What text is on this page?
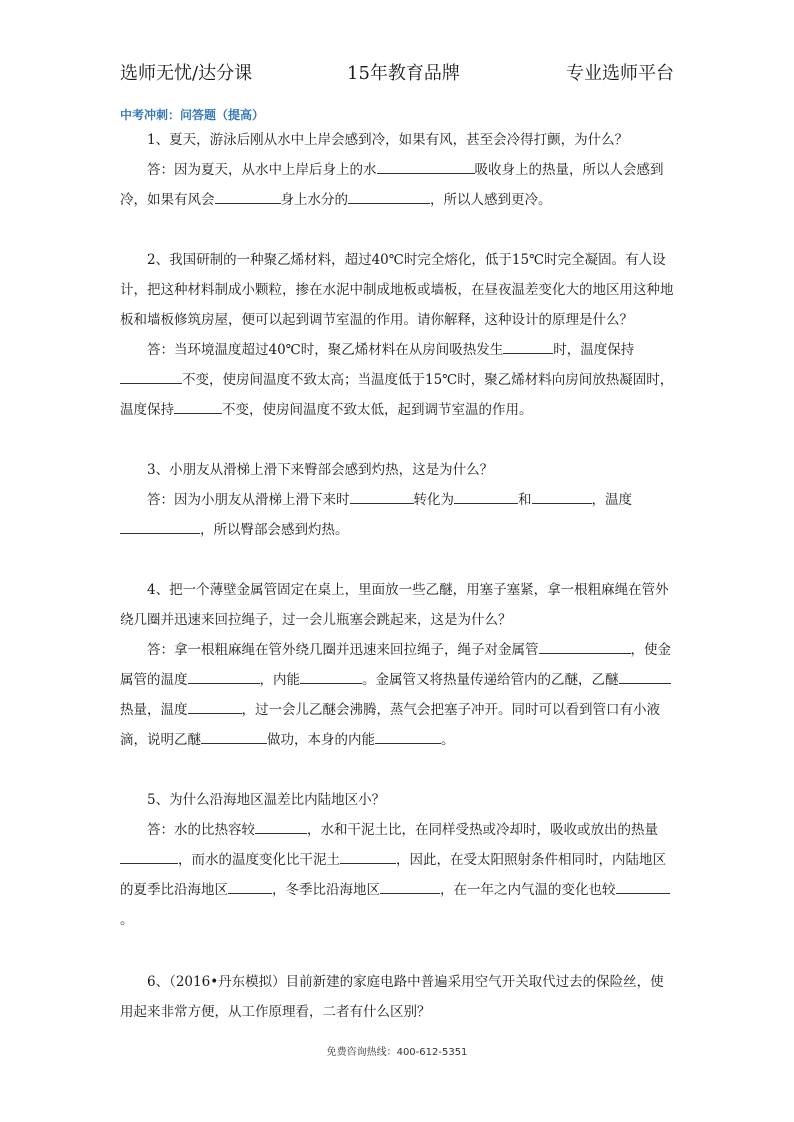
选师无忧/达分课	15年教育品牌	专业选师平台
中考冲刺：问答题（提高）

1、夏天，游泳后刚从水中上岸会感到冷，如果有风，甚至会冷得打颤，为什么？

答：因为夏天，从水中上岸后身上的水	吸收身上的热量，所以人会感到冷，如果有风会	身上水分的	，所以人感到更冷。

2、我国研制的一种聚乙烯材料，超过40℃时完全熔化，低于15℃时完全凝固。有人设计，把这种材料制成小颗粒，掺在水泥中制成地板或墙板，在昼夜温差变化大的地区用这种地板和墙板修筑房屋，便可以起到调节室温的作用。请你解释，这种设计的原理是什么？

答：当环境温度超过40℃时，聚乙烯材料在从房间吸热发生	时，温度保持不变，使房间温度不致太高；当温度低于15℃时，聚乙烯材料向房间放热凝固时，温度保持	不变，使房间温度不致太低，起到调节室温的作用。

3、小朋友从滑梯上滑下来臀部会感到灼热，这是为什么？

答：因为小朋友从滑梯上滑下来时	转化为	和	，温度，所以臀部会感到灼热。

4、把一个薄壁金属管固定在桌上，里面放一些乙醚，用塞子塞紧，拿一根粗麻绳在管外绕几圈并迅速来回拉绳子，过一会儿瓶塞会跳起来，这是为什么？

答：拿一根粗麻绳在管外绕几圈并迅速来回拉绳子，绳子对金属管	，使金属管的温度	，内能	。金属管又将热量传递给管内的乙醚，乙醚热量，温度	，过一会儿乙醚会沸腾，蒸气会把塞子冲开。同时可以看到管口有小液滴，说明乙醚	做功，本身的内能	。

5、为什么沿海地区温差比内陆地区小？

答：水的比热容较	，水和干泥土比，在同样受热或冷却时，吸收或放出的热量，而水的温度变化比干泥土	，因此，在受太阳照射条件相同时，内陆地区的夏季比沿海地区	，冬季比沿海地区	，在一年之内气温的变化也较。

6、（2016•丹东模拟）目前新建的家庭电路中普遍采用空气开关取代过去的保险丝，使用起来非常方便，从工作原理看，二者有什么区别？

免费咨询热线：400-612-5351
